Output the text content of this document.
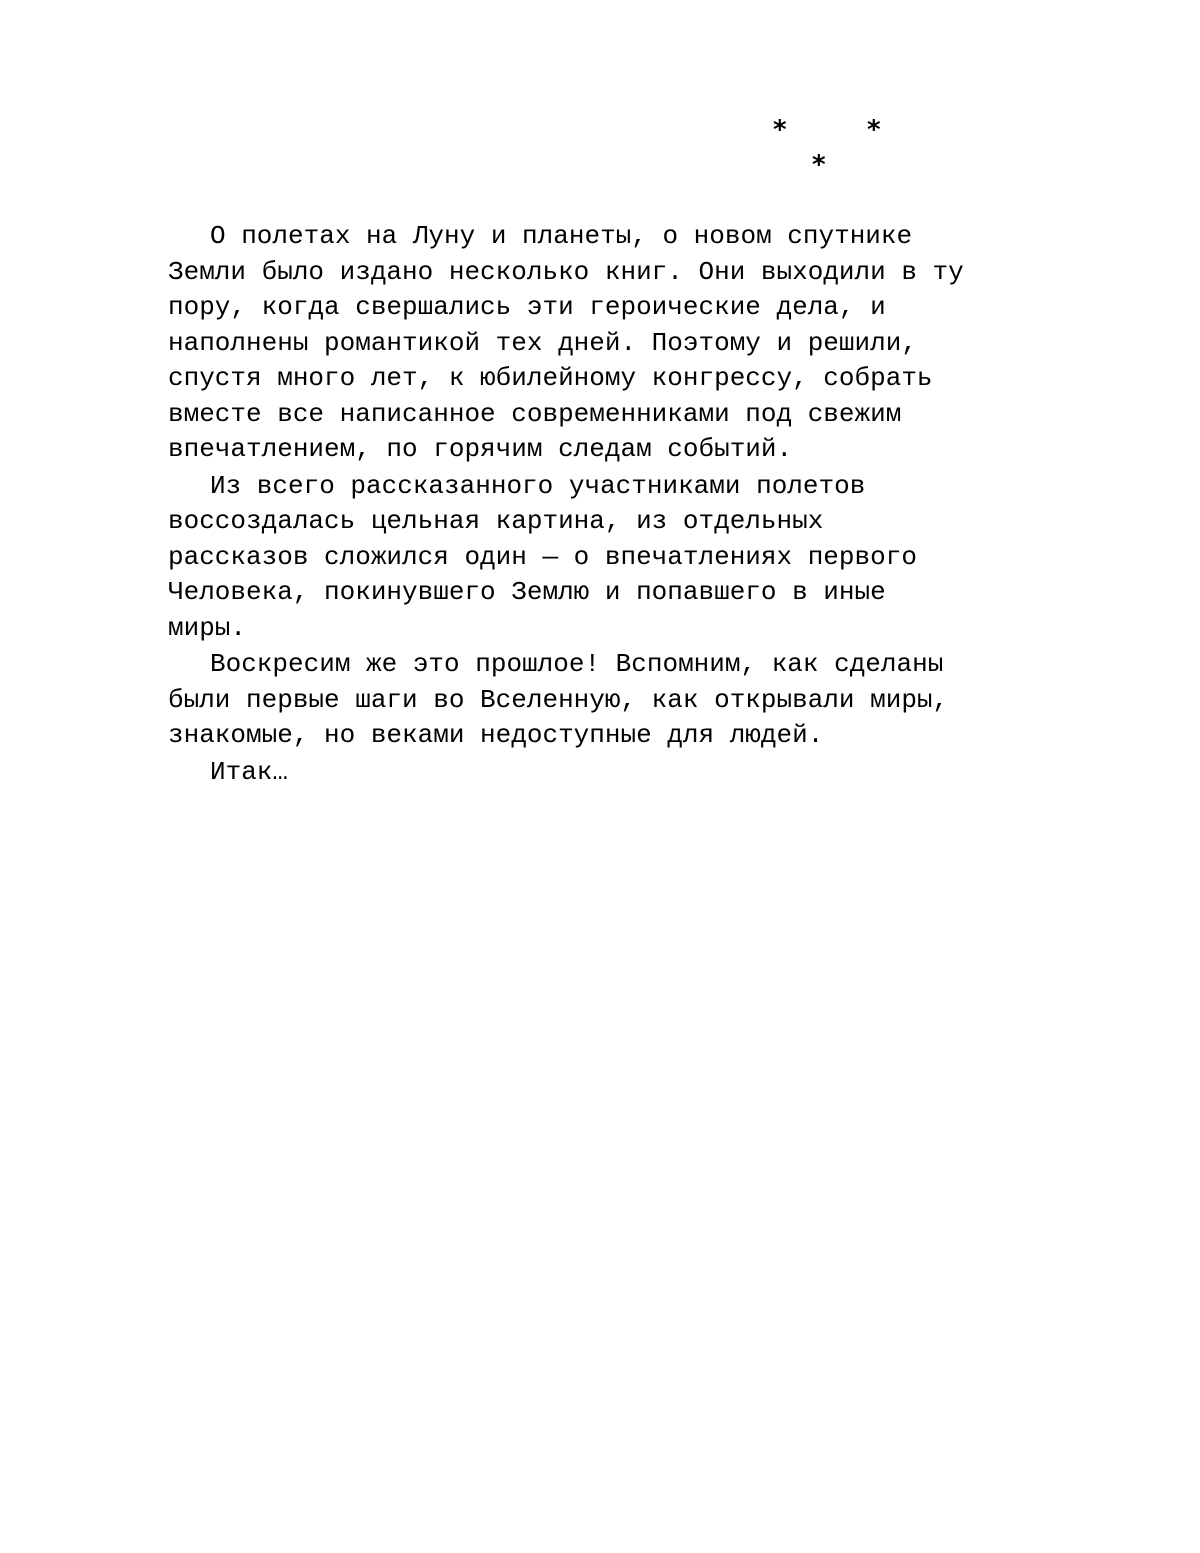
*	*
*

О полетах на Луну и планеты, о новом спутнике
Земли было издано несколько книг. Они выходили в ту
пору, когда свершались эти героические дела, и
наполнены романтикой тех дней. Поэтому и решили,
спустя много лет, к юбилейному конгрессу, собрать
вместе все написанное современниками под свежим
впечатлением, по горячим следам событий.

Из всего рассказанного участниками полетов
воссоздалась цельная картина, из отдельных
рассказов сложился один — о впечатлениях первого
Человека, покинувшего Землю и попавшего в иные
миры.

Воскресим же это прошлое! Вспомним, как сделаны
были первые шаги во Вселенную, как открывали миры,
знакомые, но веками недоступные для людей.

Итак…
